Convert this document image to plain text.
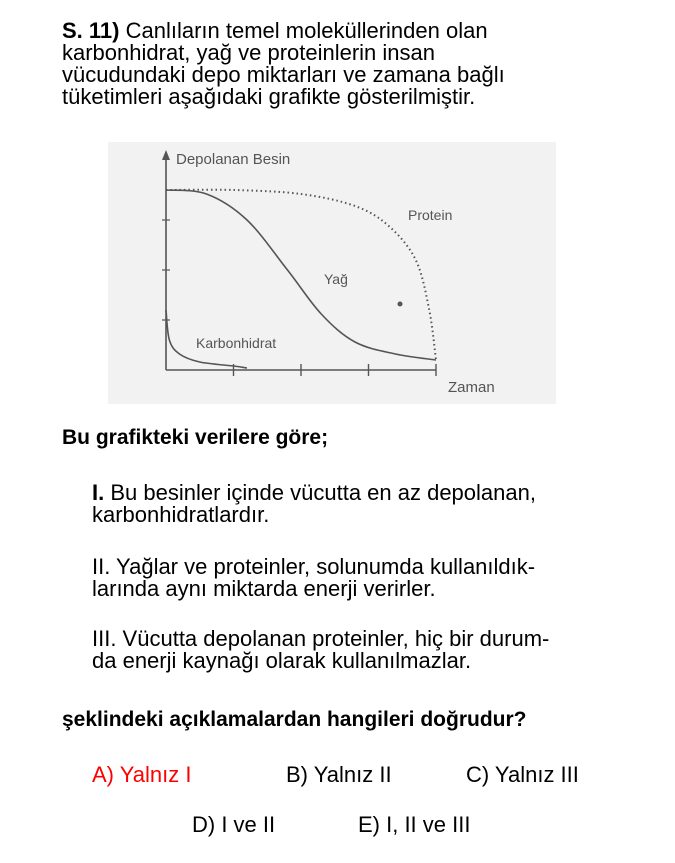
S. 11) Canlıların temel moleküllerinden olan
karbonhidrat, yağ ve proteinlerin insan
vücudundaki depo miktarları ve zamana bağlı
tüketimleri aşağıdaki grafikte gösterilmiştir.
Depolanan Besin
Zaman
Protein
Yağ
Karbonhidrat
Bu grafikteki verilere göre;
I. Bu besinler içinde vücutta en az depolanan,
karbonhidratlardır.
II. Yağlar ve proteinler, solunumda kullanıldık-
larında aynı miktarda enerji verirler.
III. Vücutta depolanan proteinler, hiç bir durum-
da enerji kaynağı olarak kullanılmazlar.
şeklindeki açıklamalardan hangileri doğrudur?
A) Yalnız I	B) Yalnız II	C) Yalnız III
D) I ve II	E) I, II ve III
